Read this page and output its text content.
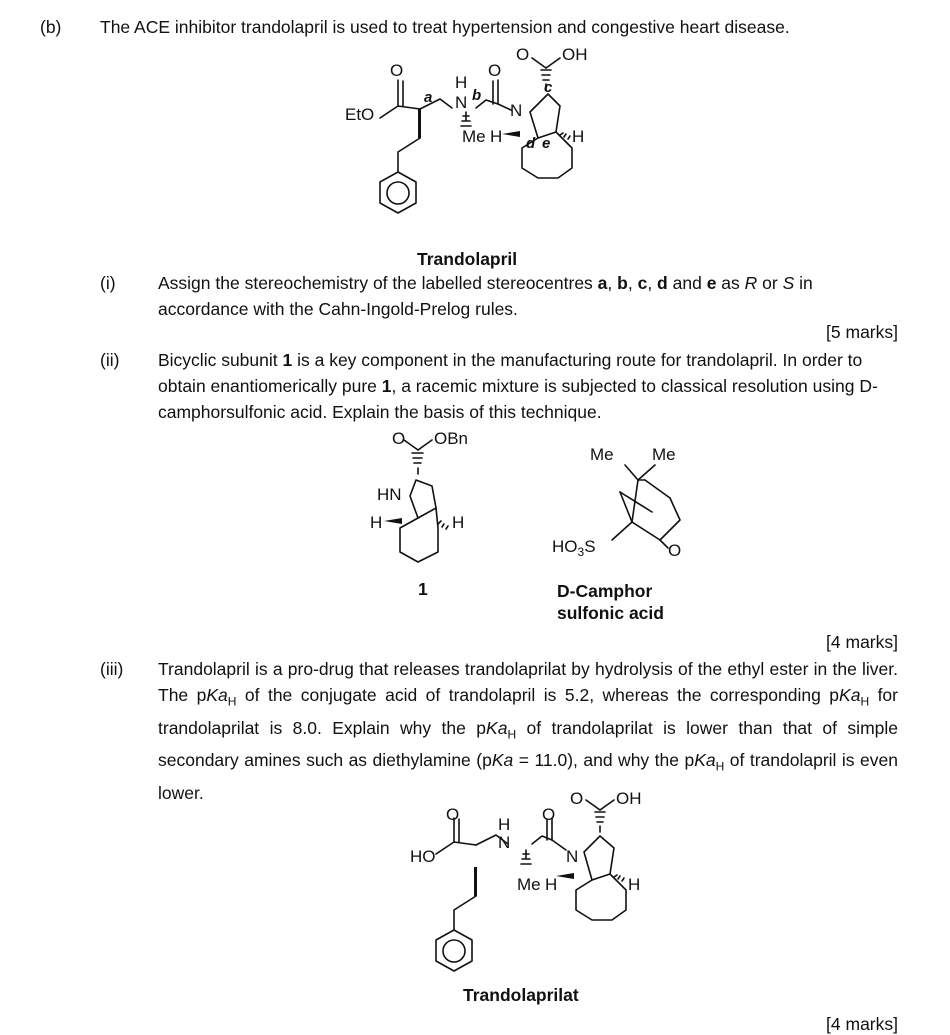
(b) The ACE inhibitor trandolapril is used to treat hypertension and congestive heart disease.
O OH
O	O
EtO
H
N	N
Me H	H
a	b	c
d e
Trandolapril
(i) Assign the stereochemistry of the labelled stereocentres a, b, c, d and e as R or S in accordance with the Cahn-Ingold-Prelog rules.
[5 marks]
(ii) Bicyclic subunit 1 is a key component in the manufacturing route for trandolapril. In order to obtain enantiomerically pure 1, a racemic mixture is subjected to classical resolution using D-camphorsulfonic acid. Explain the basis of this technique.
O OBn
HN
H	H
Me Me
$HO_3S$	O
1	D-Camphor
sulfonic acid
[4 marks]
(iii) Trandolapril is a pro-drug that releases trandolaprilat by hydrolysis of the ethyl ester in the liver. The pKa$_H$ of the conjugate acid of trandolapril is 5.2, whereas the corresponding pKa$_H$ for trandolaprilat is 8.0. Explain why the pKa$_H$ of trandolaprilat is lower than that of simple secondary amines such as diethylamine (pKa = 11.0), and why the pKa$_H$ of trandolapril is even lower.	O OH
O	O
HO
H
N
N
Me H	H
Trandolaprilat
[4 marks]
